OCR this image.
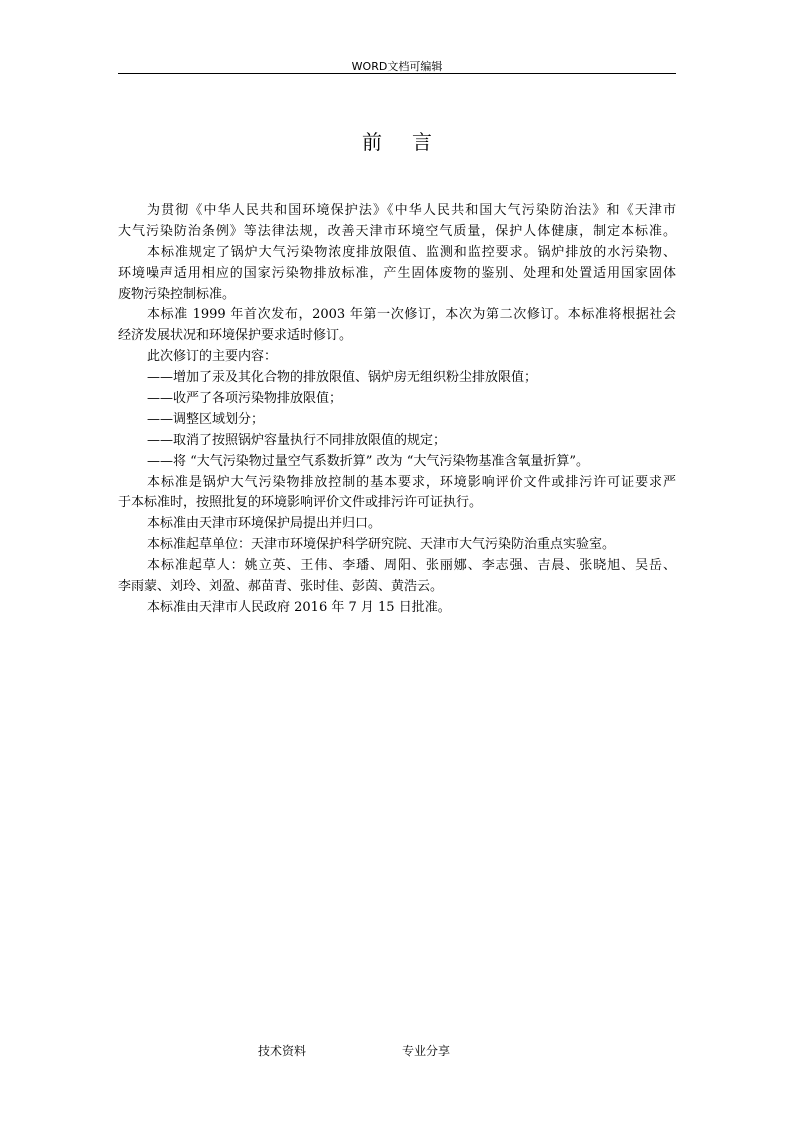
WORD文档可编辑
前言
为贯彻《中华人民共和国环境保护法》《中华人民共和国大气污染防治法》和《天津市
大气污染防治条例》等法律法规，改善天津市环境空气质量，保护人体健康，制定本标准。
本标准规定了锅炉大气污染物浓度排放限值、监测和监控要求。锅炉排放的水污染物、
环境噪声适用相应的国家污染物排放标准，产生固体废物的鉴别、处理和处置适用国家固体
废物污染控制标准。
本标准 1999 年首次发布，2003 年第一次修订，本次为第二次修订。本标准将根据社会
经济发展状况和环境保护要求适时修订。
此次修订的主要内容：
——增加了汞及其化合物的排放限值、锅炉房无组织粉尘排放限值；
——收严了各项污染物排放限值；
——调整区域划分；
——取消了按照锅炉容量执行不同排放限值的规定；
——将 “大气污染物过量空气系数折算” 改为 “大气污染物基准含氧量折算”。
本标准是锅炉大气污染物排放控制的基本要求，环境影响评价文件或排污许可证要求严
于本标准时，按照批复的环境影响评价文件或排污许可证执行。
本标准由天津市环境保护局提出并归口。
本标准起草单位：天津市环境保护科学研究院、天津市大气污染防治重点实验室。
本标准起草人：姚立英、王伟、李璠、周阳、张丽娜、李志强、吉晨、张晓旭、吴岳、
李雨蒙、刘玲、刘盈、郝苗青、张时佳、彭茵、黄浩云。
本标准由天津市人民政府 2016 年 7 月 15 日批准。
技术资料	专业分享
